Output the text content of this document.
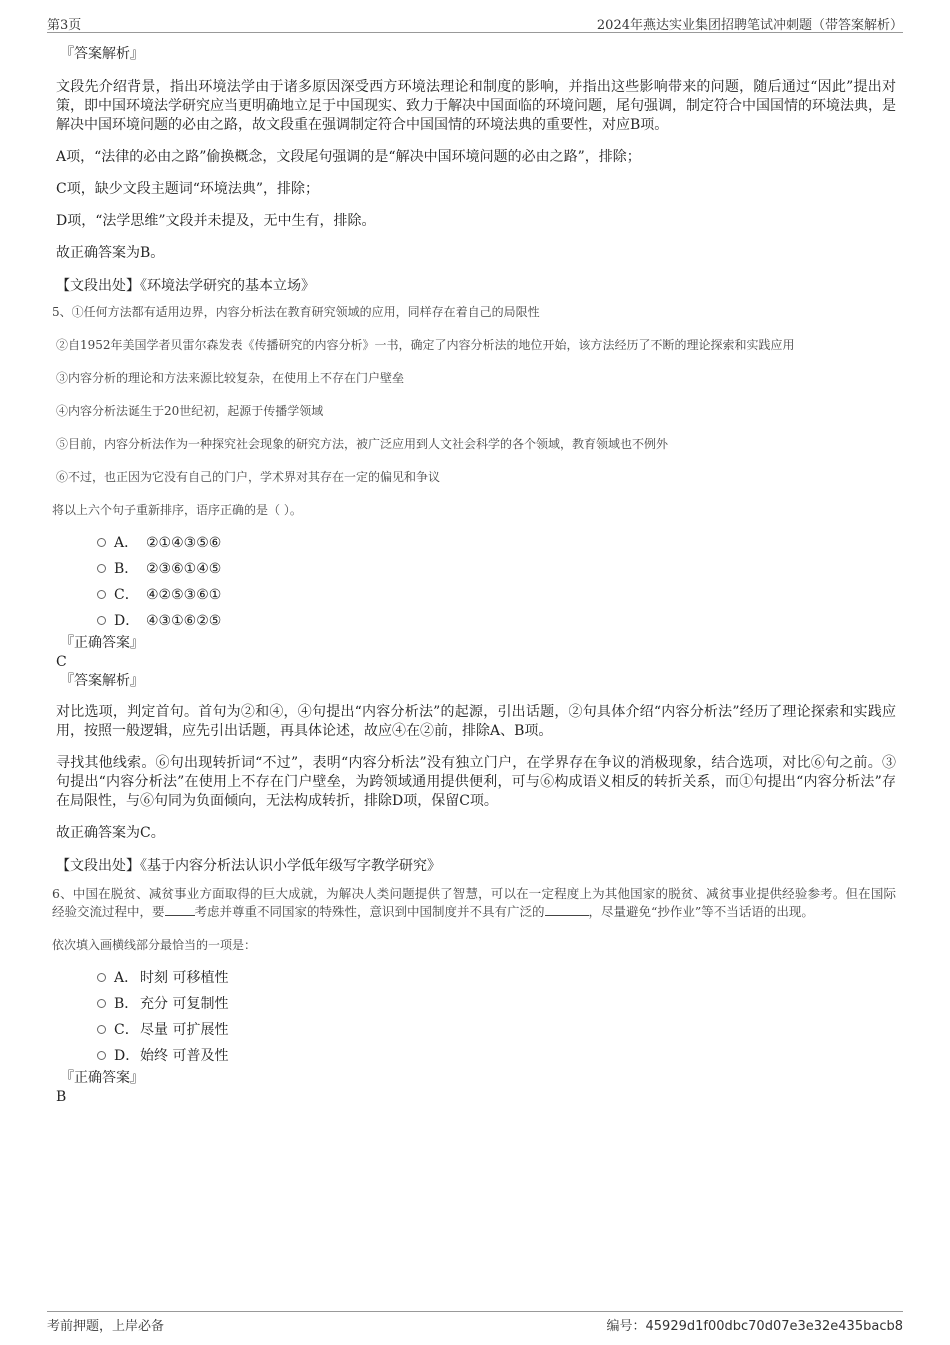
第3页	2024年燕达实业集团招聘笔试冲刺题（带答案解析）
『答案解析』

文段先介绍背景，指出环境法学由于诸多原因深受西方环境法理论和制度的影响，并指出这些影响带来的问题，随后通过“因此”提出对策，即中国环境法学研究应当更明确地立足于中国现实、致力于解决中国面临的环境问题，尾句强调，制定符合中国国情的环境法典，是解决中国环境问题的必由之路，故文段重在强调制定符合中国国情的环境法典的重要性，对应B项。

A项，“法律的必由之路”偷换概念，文段尾句强调的是“解决中国环境问题的必由之路”，排除；

C项，缺少文段主题词“环境法典”，排除；

D项，“法学思维”文段并未提及，无中生有，排除。

故正确答案为B。

【文段出处】《环境法学研究的基本立场》

5、①任何方法都有适用边界，内容分析法在教育研究领域的应用，同样存在着自己的局限性

②自1952年美国学者贝雷尔森发表《传播研究的内容分析》一书，确定了内容分析法的地位开始，该方法经历了不断的理论探索和实践应用

③内容分析的理论和方法来源比较复杂，在使用上不存在门户壁垒

④内容分析法诞生于20世纪初，起源于传播学领域

⑤目前，内容分析法作为一种探究社会现象的研究方法，被广泛应用到人文社会科学的各个领域，教育领域也不例外

⑥不过，也正因为它没有自己的门户，学术界对其存在一定的偏见和争议

将以上六个句子重新排序，语序正确的是（ ）。

A． ②①④③⑤⑥
B． ②③⑥①④⑤
C． ④②⑤③⑥①
D． ④③①⑥②⑤
『正确答案』
C
『答案解析』

对比选项，判定首句。首句为②和④，④句提出“内容分析法”的起源，引出话题，②句具体介绍“内容分析法”经历了理论探索和实践应用，按照一般逻辑，应先引出话题，再具体论述，故应④在②前，排除A、B项。

寻找其他线索。⑥句出现转折词“不过”，表明“内容分析法”没有独立门户，在学界存在争议的消极现象，结合选项，对比⑥句之前。③句提出“内容分析法”在使用上不存在门户壁垒，为跨领域通用提供便利，可与⑥构成语义相反的转折关系，而①句提出“内容分析法”存在局限性，与⑥句同为负面倾向，无法构成转折，排除D项，保留C项。

故正确答案为C。

【文段出处】《基于内容分析法认识小学低年级写字教学研究》

6、中国在脱贫、减贫事业方面取得的巨大成就，为解决人类问题提供了智慧，可以在一定程度上为其他国家的脱贫、减贫事业提供经验参考。但在国际经验交流过程中，要 考虑并尊重不同国家的特殊性，意识到中国制度并不具有广泛的	，尽量避免“抄作业”等不当话语的出现。

依次填入画横线部分最恰当的一项是：

A． 时刻 可移植性
B． 充分 可复制性
C．尽量 可扩展性
D．始终 可普及性
『正确答案』
B
考前押题，上岸必备	编号：45929d1f00dbc70d07e3e32e435bacb8
